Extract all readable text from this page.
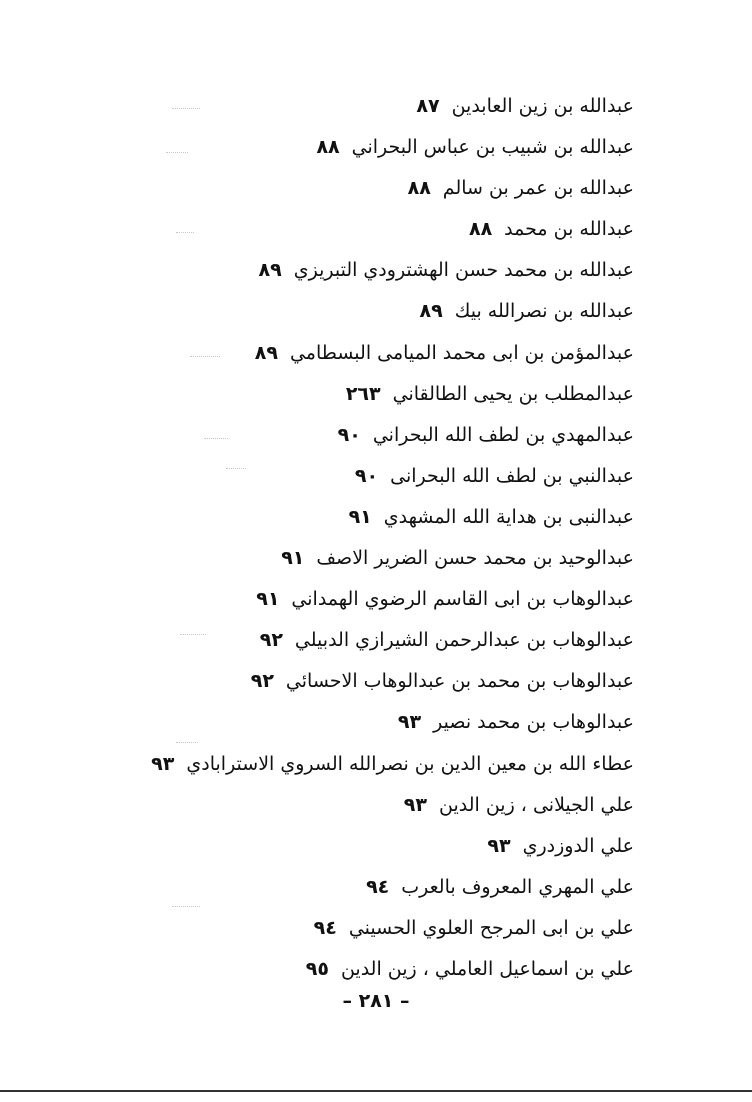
عبدالله بن زين العابدين٨٧
عبدالله بن شبيب بن عباس البحراني٨٨
عبدالله بن عمر بن سالم٨٨
عبدالله بن محمد٨٨
عبدالله بن محمد حسن الهشترودي التبريزي٨٩
عبدالله بن نصرالله بيك٨٩
عبدالمؤمن بن ابى محمد الميامى البسطامي٨٩
عبدالمطلب بن يحيى الطالقاني٢٦٣
عبدالمهدي بن لطف الله البحراني٩٠
عبدالنبي بن لطف الله البحرانى٩٠
عبدالنبى بن هداية الله المشهدي٩١
عبدالوحيد بن محمد حسن الضرير الاصف٩١
عبدالوهاب بن ابى القاسم الرضوي الهمداني٩١
عبدالوهاب بن عبدالرحمن الشيرازي الدبيلي٩٢
عبدالوهاب بن محمد بن عبدالوهاب الاحسائي٩٢
عبدالوهاب بن محمد نصير٩٣
عطاء الله بن معين الدين بن نصرالله السروي الاسترابادي٩٣
علي الجيلانى ، زين الدين٩٣
علي الدوزدري٩٣
علي المهري المعروف بالعرب٩٤
علي بن ابى المرجح العلوي الحسيني٩٤
علي بن اسماعيل العاملي ، زين الدين٩٥
– ٢٨١ –
